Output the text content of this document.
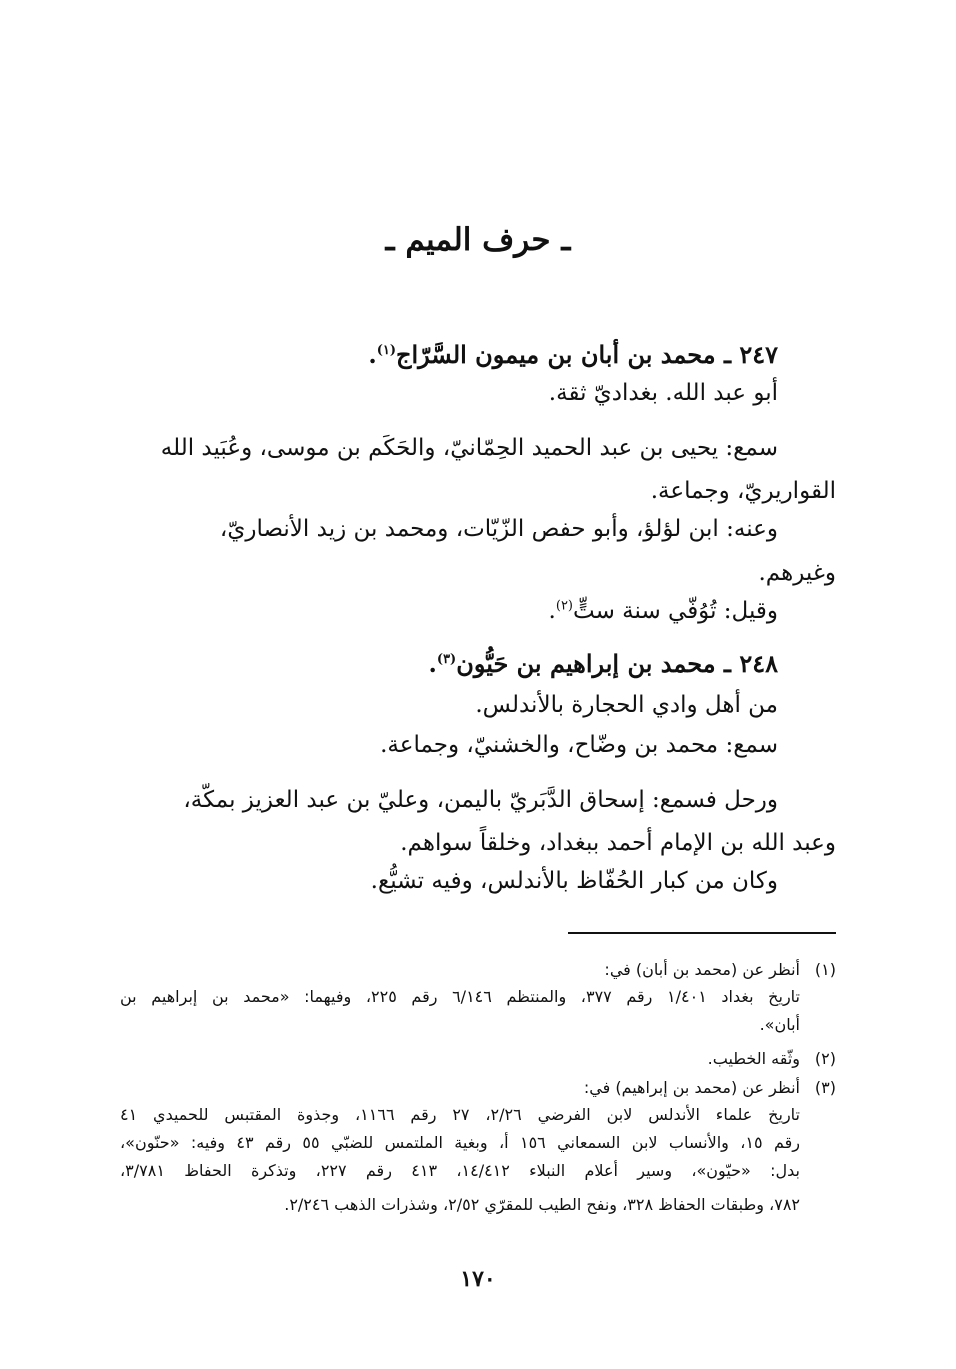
ـ حرف الميم ـ
٢٤٧ ـ محمد بن أبان بن ميمون السَّرّاج$^{(١)}$.
أبو عبد الله. بغداديّ ثقة.
سمع: يحيى بن عبد الحميد الحِمّانيّ، والحَكَم بن موسى، وعُبَيد الله
القواريريّ، وجماعة.
وعنه: ابن لؤلؤ، وأبو حفص الزّيّات، ومحمد بن زيد الأنصاريّ،
وغيرهم.
وقيل: تُوُفّي سنة ستٍّ$^{(٢)}$.
٢٤٨ ـ محمد بن إبراهيم بن حَيُّون$^{(٣)}$.
من أهل وادي الحجارة بالأندلس.
سمع: محمد بن وضّاح، والخشنيّ، وجماعة.
ورحل فسمع: إسحاق الدَّبَريّ باليمن، وعليّ بن عبد العزيز بمكّة،
وعبد الله بن الإمام أحمد ببغداد، وخلقاً سواهم.
وكان من كبار الحُفّاظ بالأندلس، وفيه تشيُّع.
(١)
أنظر عن (محمد بن أبان) في:
تاريخ بغداد ١/٤٠١ رقم ٣٧٧، والمنتظم ٦/١٤٦ رقم ٢٢٥، وفيهما: «محمد بن إبراهيم بن
أبان».
(٢)
وثّقه الخطيب.
(٣)
أنظر عن (محمد بن إبراهيم) في:
تاريخ علماء الأندلس لابن الفرضي ٢/٢٦، ٢٧ رقم ١١٦٦، وجذوة المقتبس للحميدي ٤١
رقم ١٥، والأنساب لابن السمعاني ١٥٦ أ، وبغية الملتمس للضبّي ٥٥ رقم ٤٣ وفيه: «حنّون»،
بدل: «حيّون»، وسير أعلام النبلاء ١٤/٤١٢، ٤١٣ رقم ٢٢٧، وتذكرة الحفاظ ٣/٧٨١،
٧٨٢، وطبقات الحفاظ ٣٢٨، ونفح الطيب للمقرّي ٢/٥٢، وشذرات الذهب ٢/٢٤٦.
١٧٠
